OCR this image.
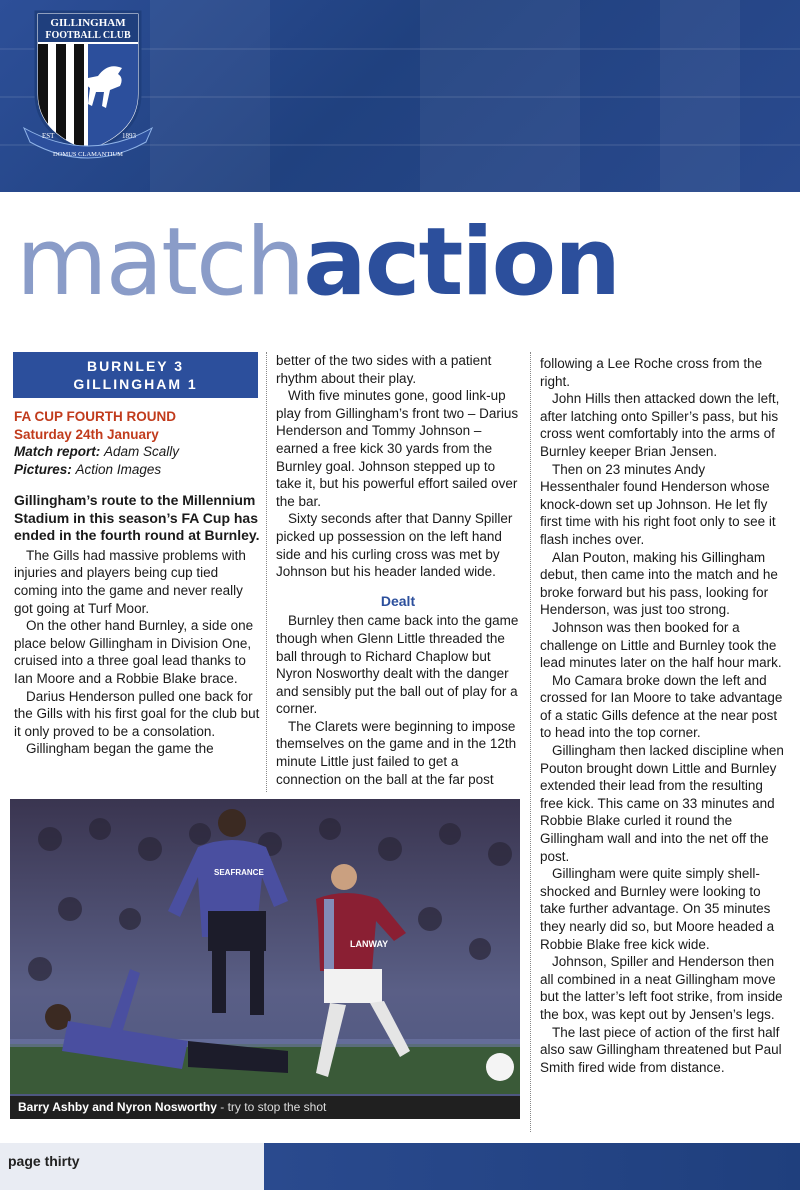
GILLINGHAM
FOOTBALL CLUB
EST	1893
DOMUS CLAMANTIUM
matchaction
BURNLEY 3
GILLINGHAM 1
FA CUP FOURTH ROUND
Saturday 24th January
Match report: Adam Scally
Pictures: Action Images

Gillingham’s route to the Millennium Stadium in this season’s FA Cup has ended in the fourth round at Burnley.

The Gills had massive problems with injuries and players being cup tied coming into the game and never really got going at Turf Moor.

On the other hand Burnley, a side one place below Gillingham in Division One, cruised into a three goal lead thanks to Ian Moore and a Robbie Blake brace.

Darius Henderson pulled one back for the Gills with his first goal for the club but it only proved to be a consolation.

Gillingham began the game the

better of the two sides with a patient rhythm about their play.

With five minutes gone, good link-up play from Gillingham’s front two – Darius Henderson and Tommy Johnson – earned a free kick 30 yards from the Burnley goal. Johnson stepped up to take it, but his powerful effort sailed over the bar.

Sixty seconds after that Danny Spiller picked up possession on the left hand side and his curling cross was met by Johnson but his header landed wide.

Dealt

Burnley then came back into the game though when Glenn Little threaded the ball through to Richard Chaplow but Nyron Nosworthy dealt with the danger and sensibly put the ball out of play for a corner.

The Clarets were beginning to impose themselves on the game and in the 12th minute Little just failed to get a connection on the ball at the far post

following a Lee Roche cross from the right.

John Hills then attacked down the left, after latching onto Spiller’s pass, but his cross went comfortably into the arms of Burnley keeper Brian Jensen.

Then on 23 minutes Andy Hessenthaler found Henderson whose knock-down set up Johnson. He let fly first time with his right foot only to see it flash inches over.

Alan Pouton, making his Gillingham debut, then came into the match and he broke forward but his pass, looking for Henderson, was just too strong.

Johnson was then booked for a challenge on Little and Burnley took the lead minutes later on the half hour mark.

Mo Camara broke down the left and crossed for Ian Moore to take advantage of a static Gills defence at the near post to head into the top corner.

Gillingham then lacked discipline when Pouton brought down Little and Burnley extended their lead from the resulting free kick. This came on 33 minutes and Robbie Blake curled it round the Gillingham wall and into the net off the post.

Gillingham were quite simply shell-shocked and Burnley were looking to take further advantage. On 35 minutes they nearly did so, but Moore headed a Robbie Blake free kick wide.

Johnson, Spiller and Henderson then all combined in a neat Gillingham move but the latter’s left foot strike, from inside the box, was kept out by Jensen’s legs.

The last piece of action of the first half also saw Gillingham threatened but Paul Smith fired wide from distance.

LANWAY
SEAFRANCE
Barry Ashby and Nyron Nosworthy - try to stop the shot
page thirty
